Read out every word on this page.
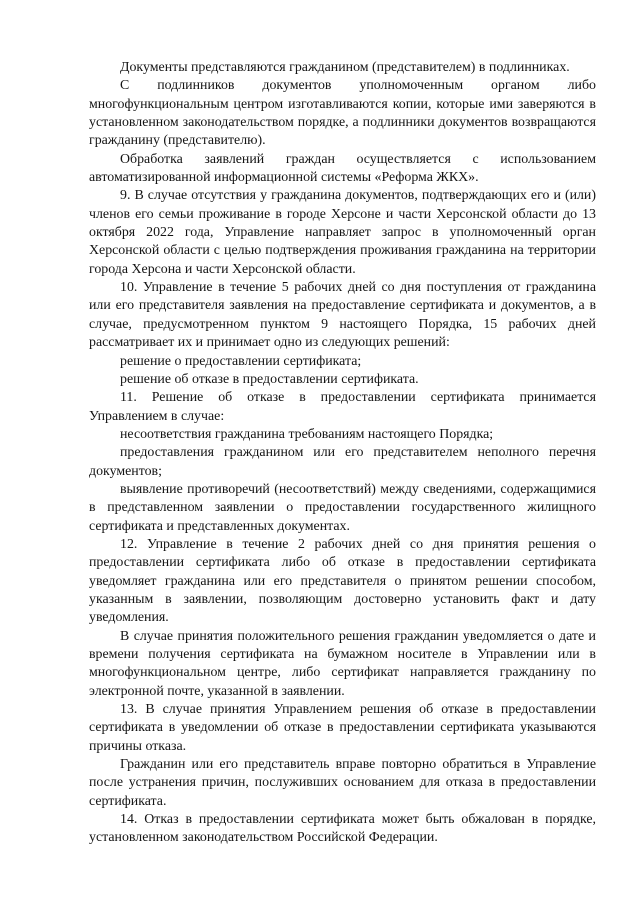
Документы представляются гражданином (представителем) в подлинниках.

С подлинников документов уполномоченным органом либо многофункциональным центром изготавливаются копии, которые ими заверяются в установленном законодательством порядке, а подлинники документов возвращаются гражданину (представителю).

Обработка заявлений граждан осуществляется с использованием автоматизированной информационной системы «Реформа ЖКХ».

9. В случае отсутствия у гражданина документов, подтверждающих его и (или) членов его семьи проживание в городе Херсоне и части Херсонской области до 13 октября 2022 года, Управление направляет запрос в уполномоченный орган Херсонской области с целью подтверждения проживания гражданина на территории города Херсона и части Херсонской области.

10. Управление в течение 5 рабочих дней со дня поступления от гражданина или его представителя заявления на предоставление сертификата и документов, а в случае, предусмотренном пунктом 9 настоящего Порядка, 15 рабочих дней рассматривает их и принимает одно из следующих решений:

решение о предоставлении сертификата;

решение об отказе в предоставлении сертификата.

11. Решение об отказе в предоставлении сертификата принимается Управлением в случае:

несоответствия гражданина требованиям настоящего Порядка;

предоставления гражданином или его представителем неполного перечня документов;

выявление противоречий (несоответствий) между сведениями, содержащимися в представленном заявлении о предоставлении государственного жилищного сертификата и представленных документах.

12. Управление в течение 2 рабочих дней со дня принятия решения о предоставлении сертификата либо об отказе в предоставлении сертификата уведомляет гражданина или его представителя о принятом решении способом, указанным в заявлении, позволяющим достоверно установить факт и дату уведомления.

В случае принятия положительного решения гражданин уведомляется о дате и времени получения сертификата на бумажном носителе в Управлении или в многофункциональном центре, либо сертификат направляется гражданину по электронной почте, указанной в заявлении.

13. В случае принятия Управлением решения об отказе в предоставлении сертификата в уведомлении об отказе в предоставлении сертификата указываются причины отказа.

Гражданин или его представитель вправе повторно обратиться в Управление после устранения причин, послуживших основанием для отказа в предоставлении сертификата.

14. Отказ в предоставлении сертификата может быть обжалован в порядке, установленном законодательством Российской Федерации.
